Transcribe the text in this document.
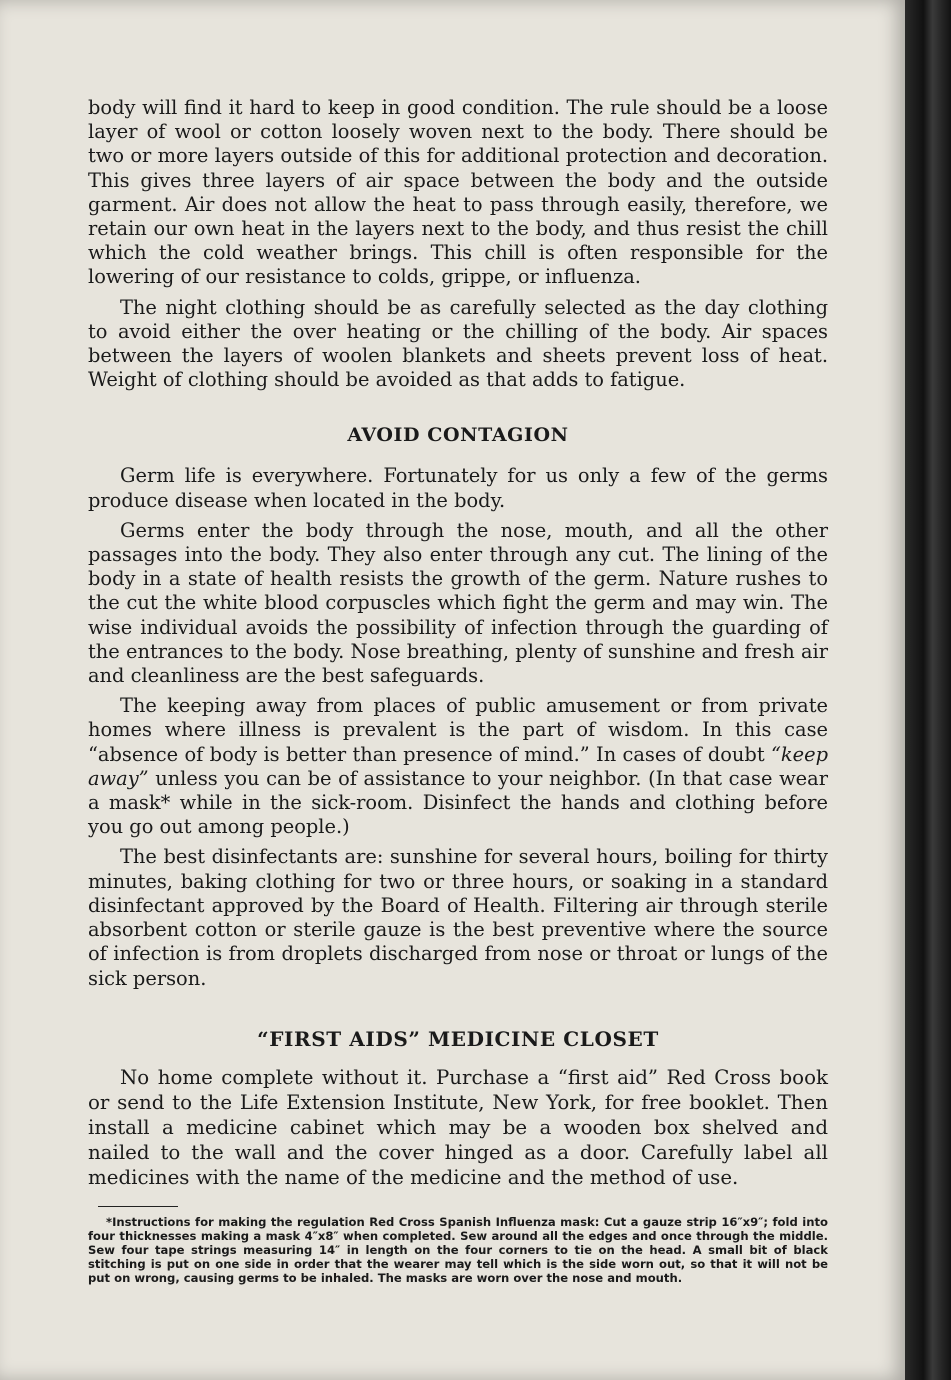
body will find it hard to keep in good condition. The rule should be a loose layer of wool or cotton loosely woven next to the body. There should be two or more layers outside of this for additional protection and decoration. This gives three layers of air space between the body and the outside garment. Air does not allow the heat to pass through easily, therefore, we retain our own heat in the layers next to the body, and thus resist the chill which the cold weather brings. This chill is often responsible for the lowering of our resistance to colds, grippe, or influenza.

The night clothing should be as carefully selected as the day clothing to avoid either the over heating or the chilling of the body. Air spaces between the layers of woolen blankets and sheets prevent loss of heat. Weight of clothing should be avoided as that adds to fatigue.

AVOID CONTAGION

Germ life is everywhere. Fortunately for us only a few of the germs produce disease when located in the body.

Germs enter the body through the nose, mouth, and all the other passages into the body. They also enter through any cut. The lining of the body in a state of health resists the growth of the germ. Nature rushes to the cut the white blood corpuscles which fight the germ and may win. The wise individual avoids the possibility of infection through the guarding of the entrances to the body. Nose breathing, plenty of sunshine and fresh air and cleanliness are the best safeguards.

The keeping away from places of public amusement or from private homes where illness is prevalent is the part of wisdom. In this case “absence of body is better than presence of mind.” In cases of doubt “keep away” unless you can be of assistance to your neighbor. (In that case wear a mask* while in the sick-room. Disinfect the hands and clothing before you go out among people.)

The best disinfectants are: sunshine for several hours, boiling for thirty minutes, baking clothing for two or three hours, or soaking in a standard disinfectant approved by the Board of Health. Filtering air through sterile absorbent cotton or sterile gauze is the best preventive where the source of infection is from droplets discharged from nose or throat or lungs of the sick person.

“FIRST AIDS” MEDICINE CLOSET

No home complete without it. Purchase a “first aid” Red Cross book or send to the Life Extension Institute, New York, for free booklet. Then install a medicine cabinet which may be a wooden box shelved and nailed to the wall and the cover hinged as a door. Carefully label all medicines with the name of the medicine and the method of use.

*Instructions for making the regulation Red Cross Spanish Influenza mask: Cut a gauze strip 16″x9″; fold into four thicknesses making a mask 4″x8″ when completed. Sew around all the edges and once through the middle. Sew four tape strings measuring 14″ in length on the four corners to tie on the head. A small bit of black stitching is put on one side in order that the wearer may tell which is the side worn out, so that it will not be put on wrong, causing germs to be inhaled. The masks are worn over the nose and mouth.
